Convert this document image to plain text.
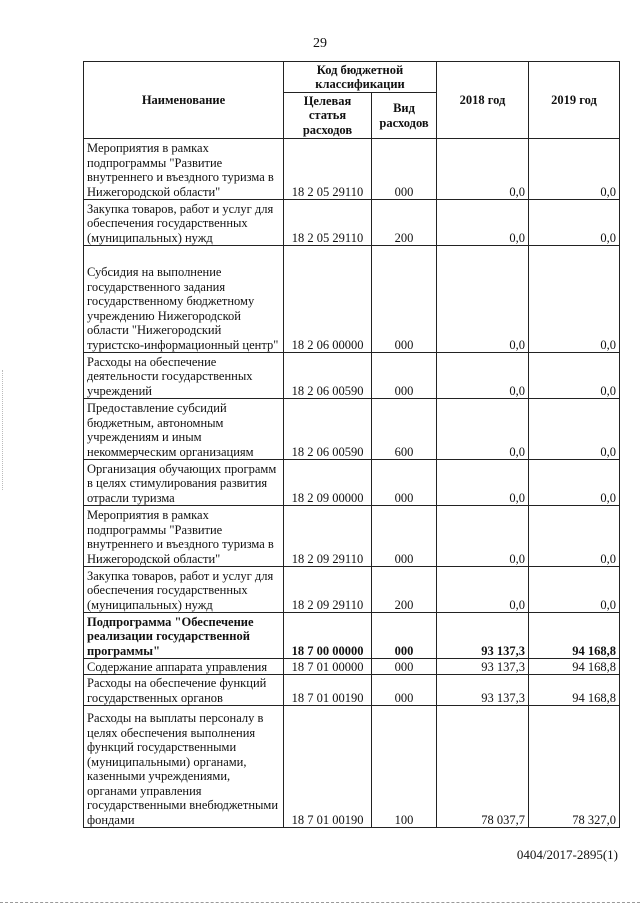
29
Наименование	Код бюджетной классификации		2018 год	2019 год
	Целевая статья расходов	Вид расходов		
Мероприятия в рамках подпрограммы "Развитие внутреннего и въездного туризма в Нижегородской области"	18 2 05 29110	000	0,0	0,0
Закупка товаров, работ и услуг для обеспечения государственных (муниципальных) нужд	18 2 05 29110	200	0,0	0,0
Субсидия на выполнение государственного задания государственному бюджетному учреждению Нижегородской области "Нижегородский туристско-информационный центр"	18 2 06 00000	000	0,0	0,0
Расходы на обеспечение деятельности государственных учреждений	18 2 06 00590	000	0,0	0,0
Предоставление субсидий бюджетным, автономным учреждениям и иным некоммерческим организациям	18 2 06 00590	600	0,0	0,0
Организация обучающих программ в целях стимулирования развития отрасли туризма	18 2 09 00000	000	0,0	0,0
Мероприятия в рамках подпрограммы "Развитие внутреннего и въездного туризма в Нижегородской области"	18 2 09 29110	000	0,0	0,0
Закупка товаров, работ и услуг для обеспечения государственных (муниципальных) нужд	18 2 09 29110	200	0,0	0,0
Подпрограмма "Обеспечение реализации государственной программы"	18 7 00 00000	000	93 137,3	94 168,8
Содержание аппарата управления	18 7 01 00000	000	93 137,3	94 168,8
Расходы на обеспечение функций государственных органов	18 7 01 00190	000	93 137,3	94 168,8
Расходы на выплаты персоналу в целях обеспечения выполнения функций государственными (муниципальными) органами, казенными учреждениями, органами управления государственными внебюджетными фондами	18 7 01 00190	100	78 037,7	78 327,0
0404/2017-2895(1)
